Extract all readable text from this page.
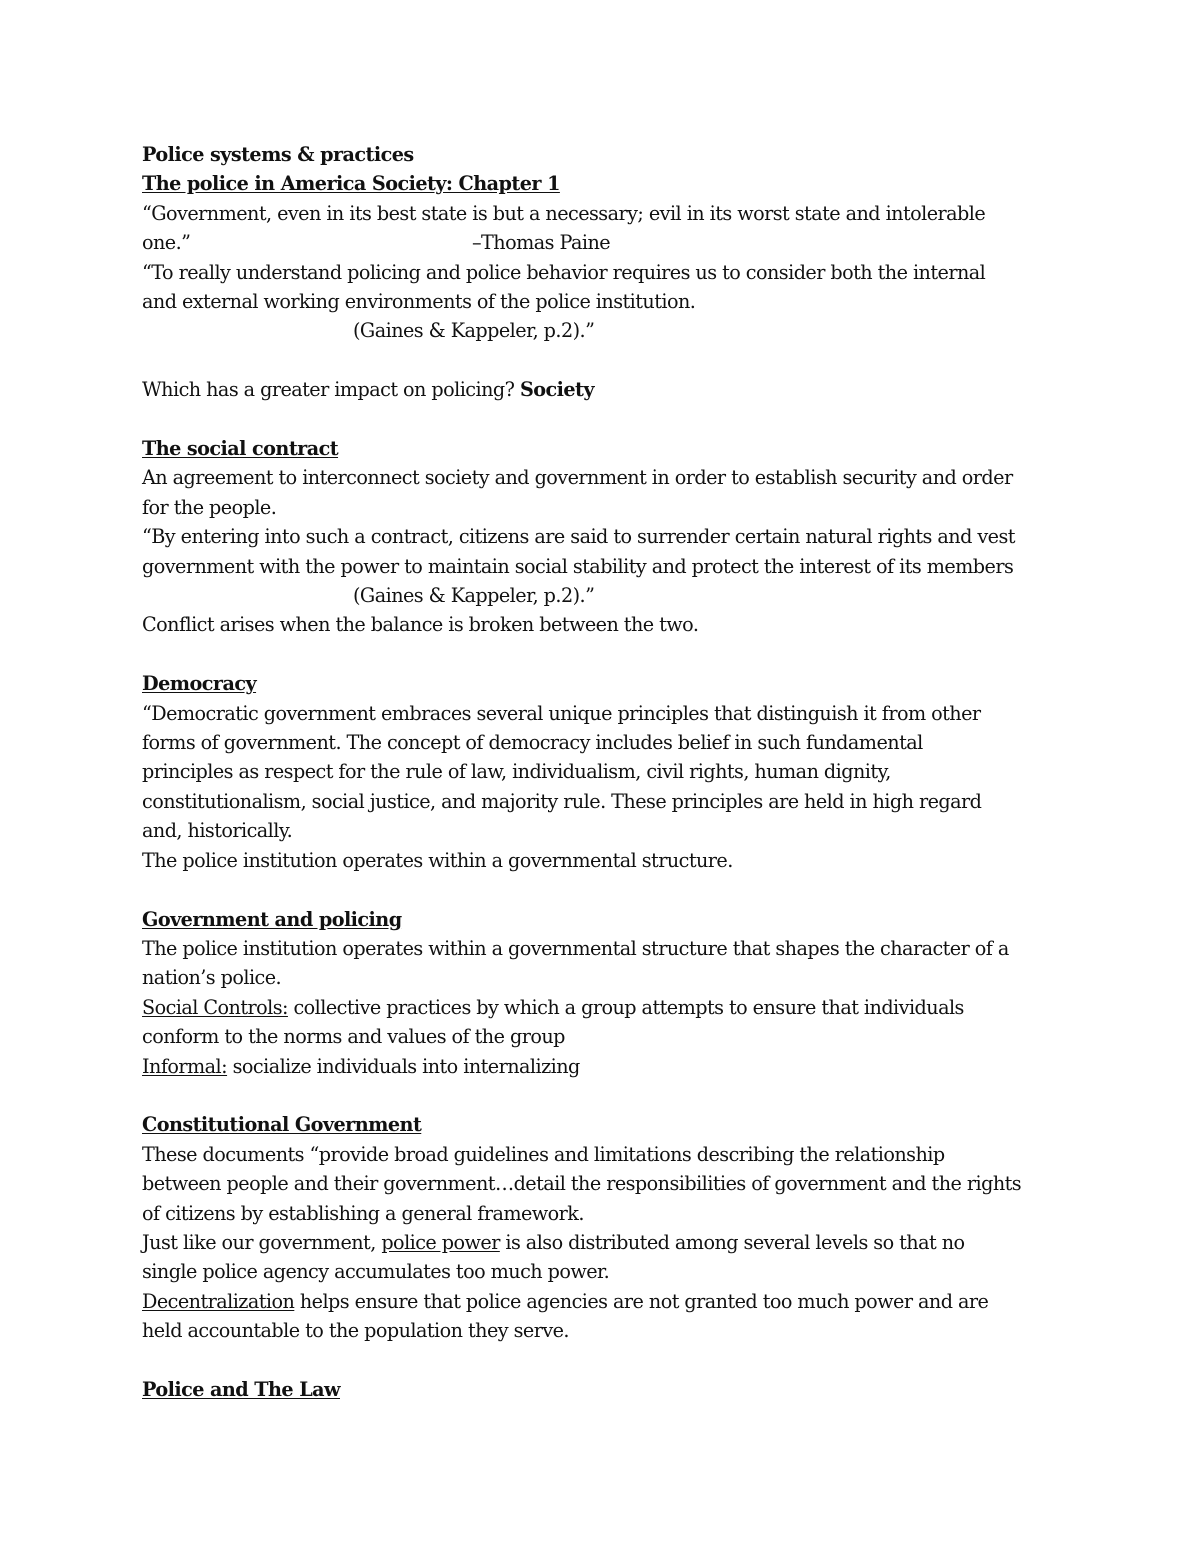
Police systems & practices

The police in America Society: Chapter 1

“Government, even in its best state is but a necessary; evil in its worst state and intolerable

one.”	–Thomas Paine

“To really understand policing and police behavior requires us to consider both the internal

and external working environments of the police institution.

(Gaines & Kappeler, p.2).”

Which has a greater impact on policing? Society

The social contract

An agreement to interconnect society and government in order to establish security and order

for the people.

“By entering into such a contract, citizens are said to surrender certain natural rights and vest

government with the power to maintain social stability and protect the interest of its members

(Gaines & Kappeler, p.2).”

Conflict arises when the balance is broken between the two.

Democracy

“Democratic government embraces several unique principles that distinguish it from other

forms of government. The concept of democracy includes belief in such fundamental

principles as respect for the rule of law, individualism, civil rights, human dignity,

constitutionalism, social justice, and majority rule. These principles are held in high regard

and, historically.

The police institution operates within a governmental structure.

Government and policing

The police institution operates within a governmental structure that shapes the character of a

nation’s police.

Social Controls: collective practices by which a group attempts to ensure that individuals

conform to the norms and values of the group

Informal: socialize individuals into internalizing

Constitutional Government

These documents “provide broad guidelines and limitations describing the relationship

between people and their government…detail the responsibilities of government and the rights

of citizens by establishing a general framework.

Just like our government, police power is also distributed among several levels so that no

single police agency accumulates too much power.

Decentralization helps ensure that police agencies are not granted too much power and are

held accountable to the population they serve.

Police and The Law
